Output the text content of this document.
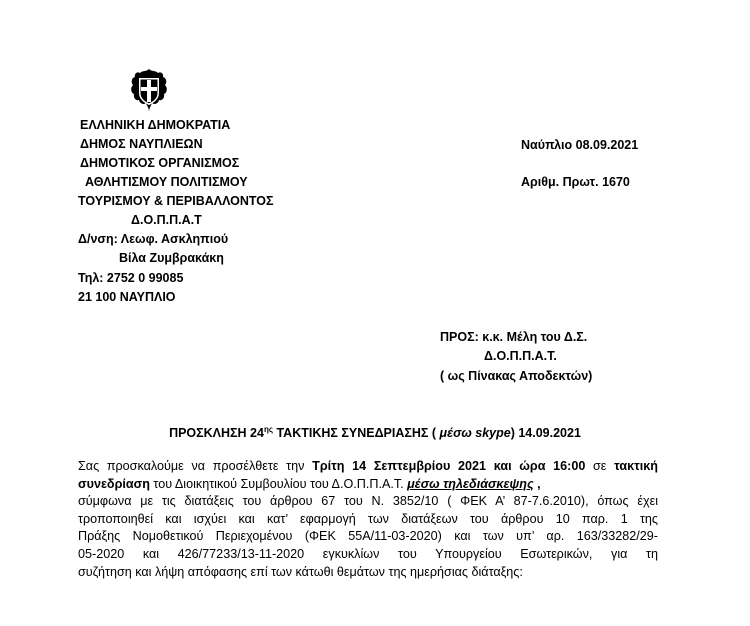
ΕΛΛΗΝΙΚΗ ΔΗΜΟΚΡΑΤΙΑ
ΔΗΜΟΣ ΝΑΥΠΛΙΕΩΝ
ΔΗΜΟΤΙΚΟΣ ΟΡΓΑΝΙΣΜΟΣ
ΑΘΛΗΤΙΣΜΟΥ ΠΟΛΙΤΙΣΜΟΥ
ΤΟΥΡΙΣΜΟΥ & ΠΕΡΙΒΑΛΛΟΝΤΟΣ
Δ.Ο.Π.Π.Α.Τ
Δ/νση: Λεωφ. Ασκληπιού
Βίλα Ζυμβρακάκη
Τηλ: 2752 0 99085
21 100 ΝΑΥΠΛΙΟ
Ναύπλιο 08.09.2021
Αριθμ. Πρωτ. 1670
ΠΡΟΣ: κ.κ. Μέλη του Δ.Σ.
Δ.Ο.Π.Π.Α.Τ.
( ως Πίνακας Αποδεκτών)
ΠΡΟΣΚΛΗΣΗ $24^{\eta\varsigma}$ ΤΑΚΤΙΚΗΣ ΣΥΝΕΔΡΙΑΣΗΣ ( μέσω skype) 14.09.2021
Σας προσκαλούμε να προσέλθετε την Τρίτη 14 Σεπτεμβρίου 2021 και ώρα 16:00 σε τακτική
συνεδρίαση του Διοικητικού Συμβουλίου του Δ.Ο.Π.Π.Α.Τ. μέσω τηλεδιάσκεψης ,
σύμφωνα με τις διατάξεις του άρθρου 67 του Ν. 3852/10 ( ΦΕΚ Α’ 87-7.6.2010), όπως έχει
τροποποιηθεί και ισχύει και κατ’ εφαρμογή των διατάξεων του άρθρου 10 παρ. 1 της
Πράξης Νομοθετικού Περιεχομένου (ΦΕΚ 55Α/11-03-2020) και των υπ’ αρ. 163/33282/29-
05-2020 και 426/77233/13-11-2020 εγκυκλίων του Υπουργείου Εσωτερικών, για τη
συζήτηση και λήψη απόφασης επί των κάτωθι θεμάτων της ημερήσιας διάταξης:
